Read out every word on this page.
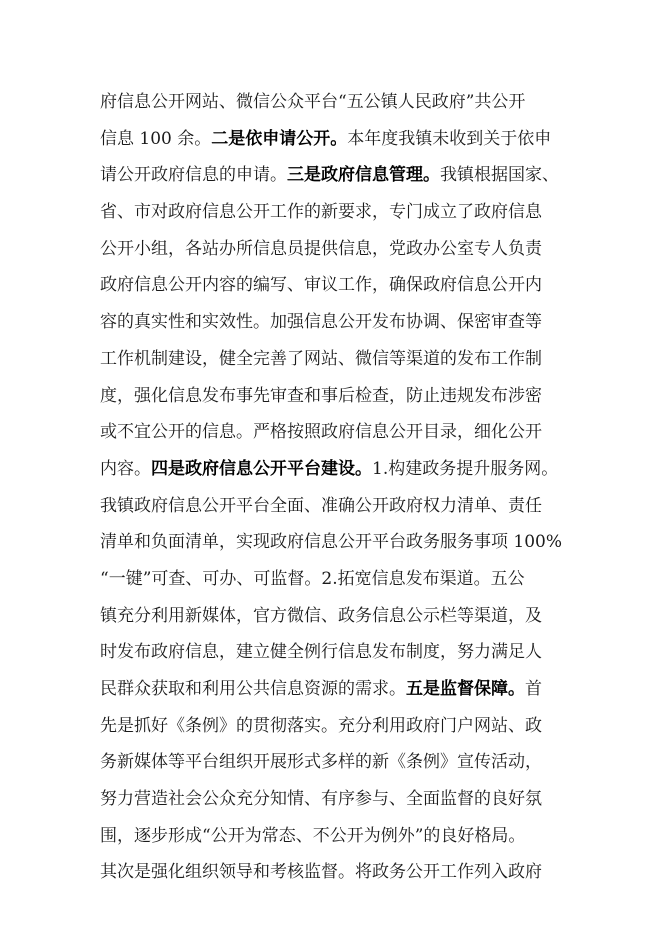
府信息公开网站、微信公众平台“五公镇人民政府”共公开
信息 100 余。二是依申请公开。本年度我镇未收到关于依申
请公开政府信息的申请。三是政府信息管理。我镇根据国家、
省、市对政府信息公开工作的新要求，专门成立了政府信息
公开小组，各站办所信息员提供信息，党政办公室专人负责
政府信息公开内容的编写、审议工作，确保政府信息公开内
容的真实性和实效性。加强信息公开发布协调、保密审查等
工作机制建设，健全完善了网站、微信等渠道的发布工作制
度，强化信息发布事先审查和事后检查，防止违规发布涉密
或不宜公开的信息。严格按照政府信息公开目录，细化公开
内容。四是政府信息公开平台建设。1.构建政务提升服务网。
我镇政府信息公开平台全面、准确公开政府权力清单、责任
清单和负面清单，实现政府信息公开平台政务服务事项 100%
“一键”可查、可办、可监督。2.拓宽信息发布渠道。五公
镇充分利用新媒体，官方微信、政务信息公示栏等渠道，及
时发布政府信息，建立健全例行信息发布制度，努力满足人
民群众获取和利用公共信息资源的需求。五是监督保障。首
先是抓好《条例》的贯彻落实。充分利用政府门户网站、政
务新媒体等平台组织开展形式多样的新《条例》宣传活动，
努力营造社会公众充分知情、有序参与、全面监督的良好氛
围，逐步形成“公开为常态、不公开为例外”的良好格局。
其次是强化组织领导和考核监督。将政务公开工作列入政府
